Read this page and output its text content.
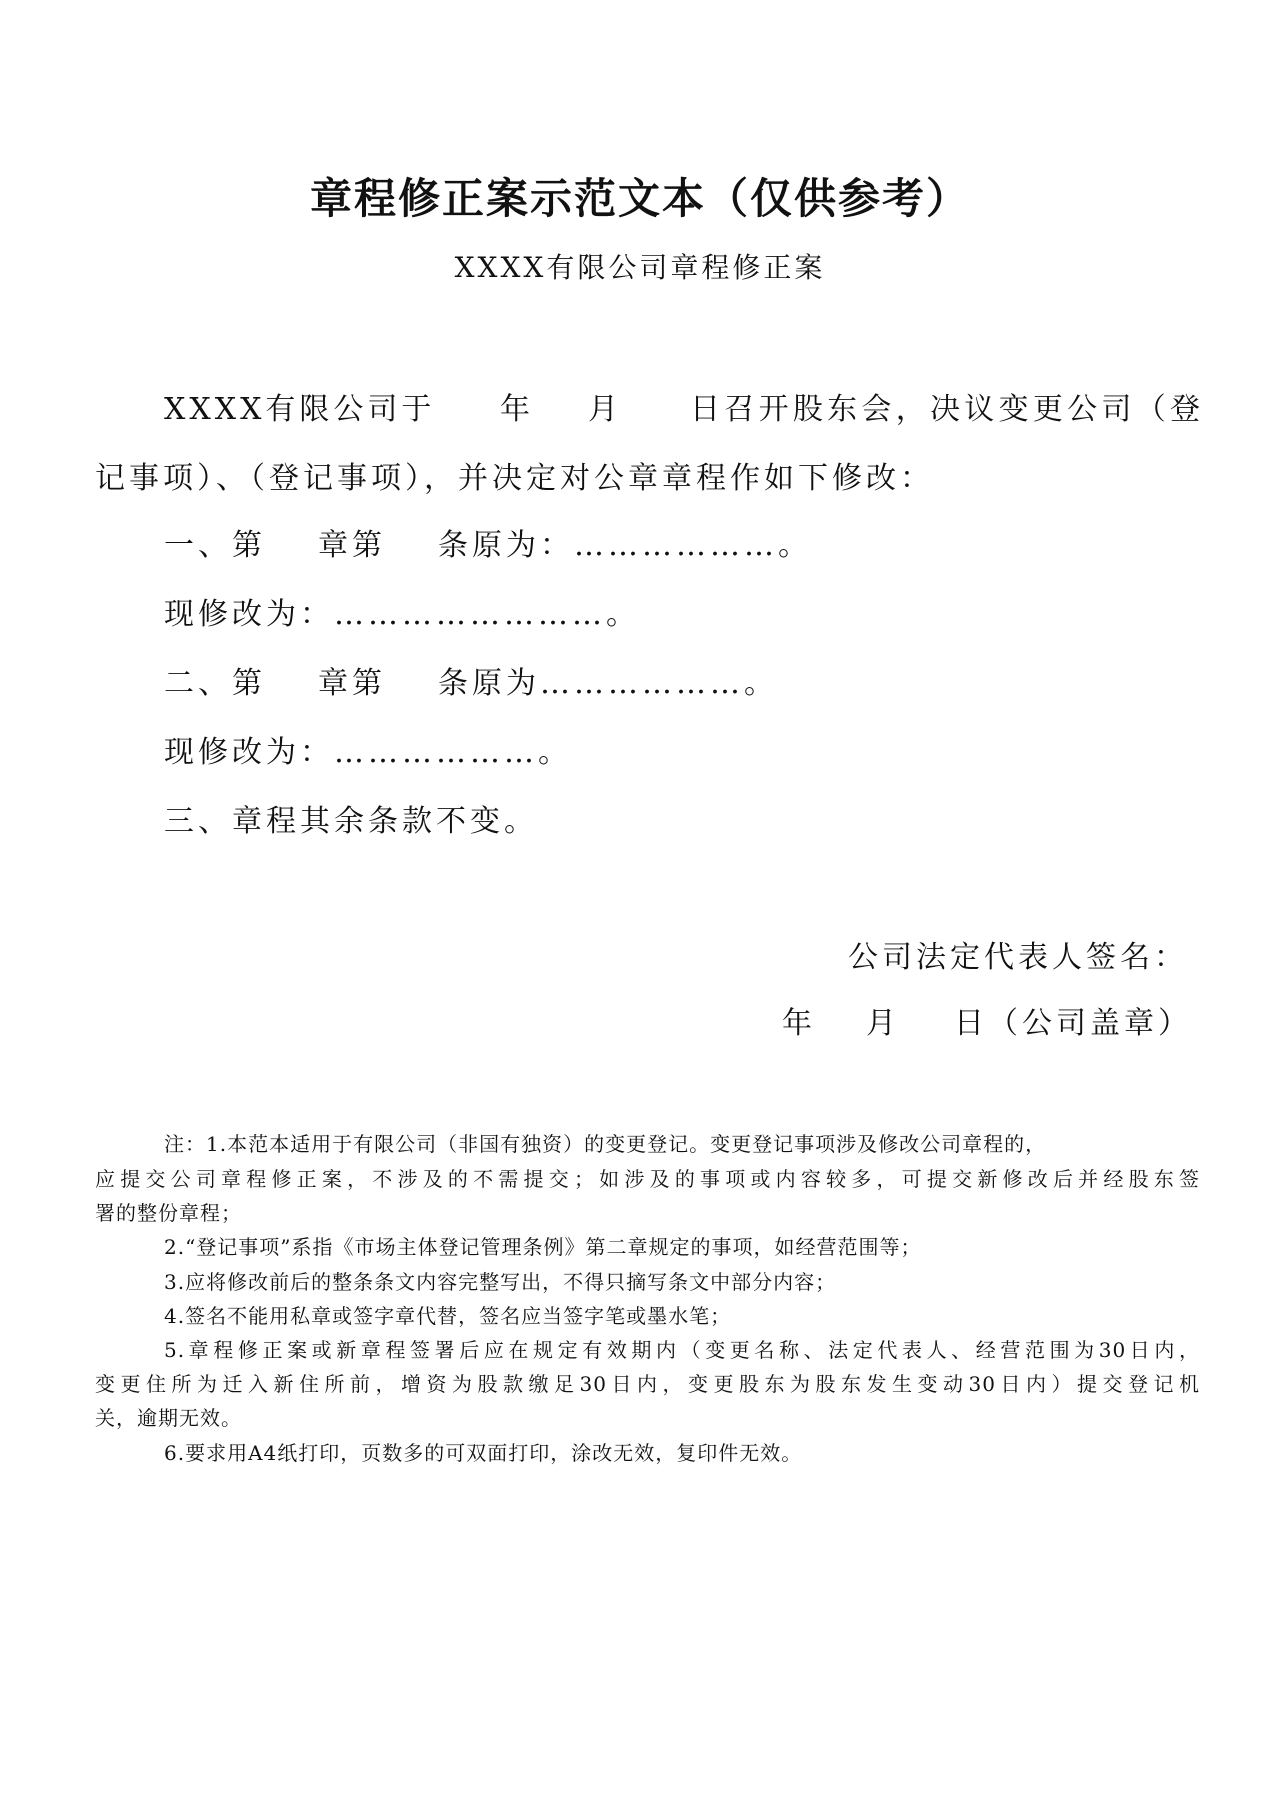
章程修正案示范文本（仅供参考）
XXXX有限公司章程修正案
XXXX有限公司于 年 月 日召开股东会，决议变更公司（登
记事项）、（登记事项），并决定对公章章程作如下修改：
一、第 章第 条原为：………………。
现修改为：……………………。
二、第 章第 条原为………………。
现修改为：………………。
三、章程其余条款不变。
公司法定代表人签名：
年 月 日（公司盖章）
注：1.本范本适用于有限公司（非国有独资）的变更登记。变更登记事项涉及修改公司章程的，
应提交公司章程修正案，不涉及的不需提交；如涉及的事项或内容较多，可提交新修改后并经股东签
署的整份章程；
2.“登记事项”系指《市场主体登记管理条例》第二章规定的事项，如经营范围等；
3.应将修改前后的整条条文内容完整写出，不得只摘写条文中部分内容；
4.签名不能用私章或签字章代替，签名应当签字笔或墨水笔；
5.章程修正案或新章程签署后应在规定有效期内（变更名称、法定代表人、经营范围为30日内，
变更住所为迁入新住所前，增资为股款缴足30日内，变更股东为股东发生变动30日内）提交登记机
关，逾期无效。
6.要求用A4纸打印，页数多的可双面打印，涂改无效，复印件无效。
